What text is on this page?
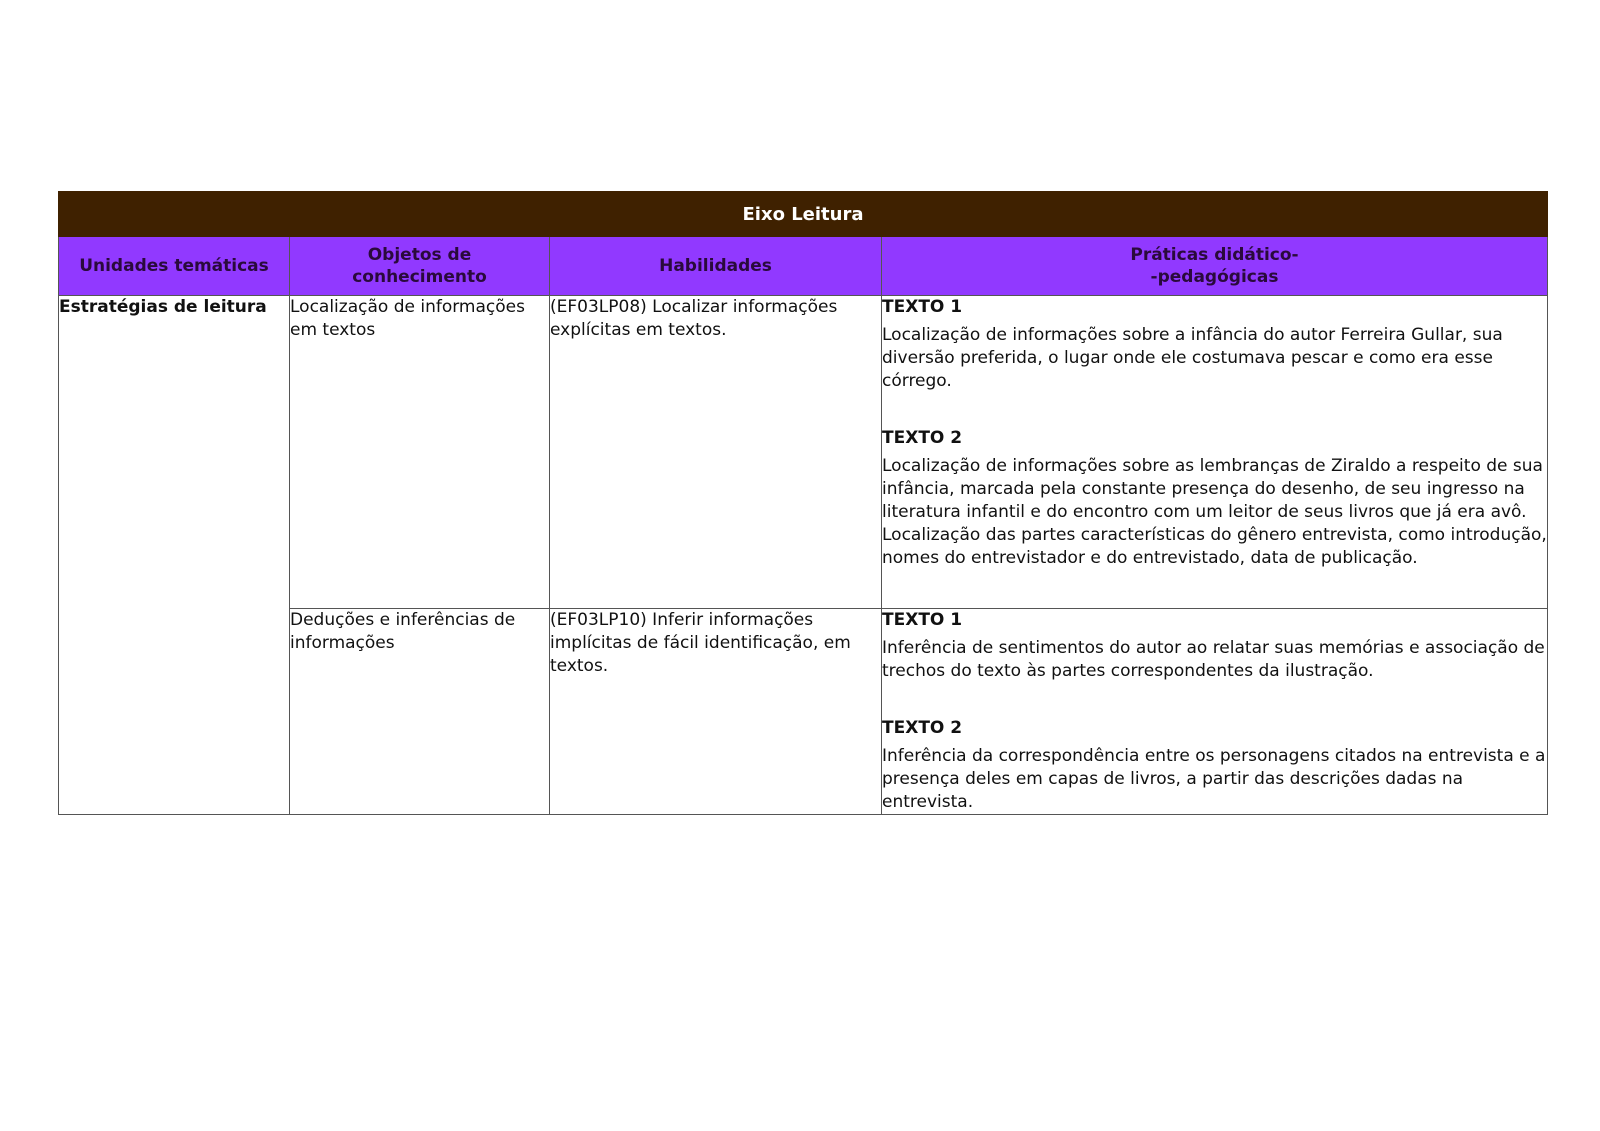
Eixo Leitura			
Unidades temáticas	Objetos de conhecimento	Habilidades	Práticas didático-
-pedagógicas

Estratégias de leitura	Localização de informações em textos	(EF03LP08) Localizar informações explícitas em textos.	TEXTO 1

Localização de informações sobre a infância do autor Ferreira Gullar, sua diversão preferida, o lugar onde ele costumava pescar e como era esse córrego.

TEXTO 2

Localização de informações sobre as lembranças de Ziraldo a respeito de sua infância, marcada pela constante presença do desenho, de seu ingresso na literatura infantil e do encontro com um leitor de seus livros que já era avô. Localização das partes características do gênero entrevista, como introdução, nomes do entrevistador e do entrevistado, data de publicação.

	Deduções e inferências de informações	(EF03LP10) Inferir informações implícitas de fácil identificação, em textos.	TEXTO 1

Inferência de sentimentos do autor ao relatar suas memórias e associação de trechos do texto às partes correspondentes da ilustração.

TEXTO 2

Inferência da correspondência entre os personagens citados na entrevista e a presença deles em capas de livros, a partir das descrições dadas na entrevista.
